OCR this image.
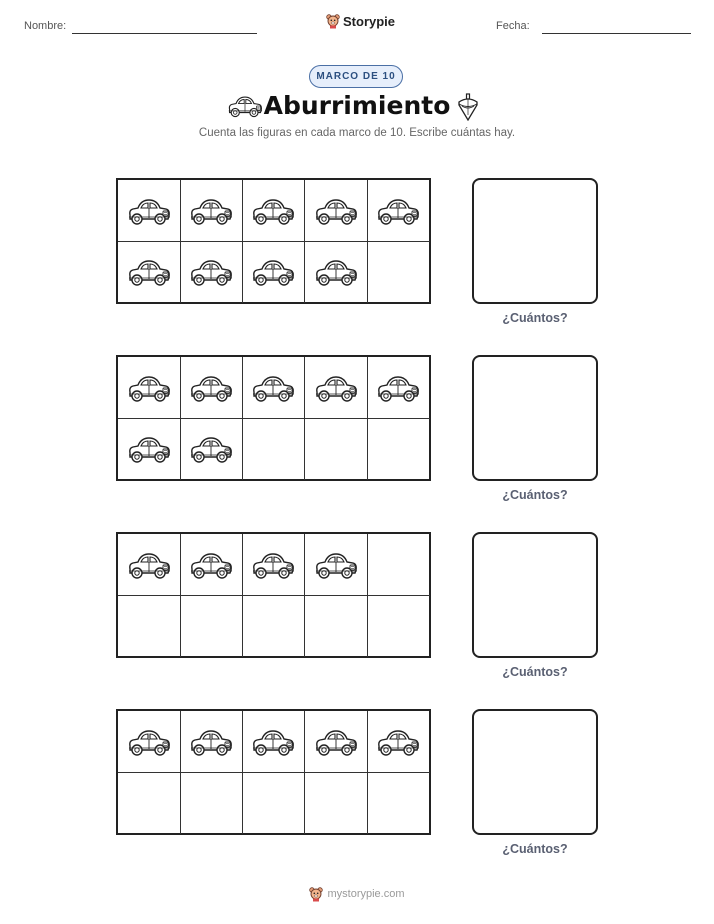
Nombre:	Storypie	Fecha:
MARCO DE 10
Aburrimiento
Cuenta las figuras en cada marco de 10. Escribe cuántas hay.
¿Cuántos?
¿Cuántos?
¿Cuántos?
¿Cuántos?
mystorypie.com
